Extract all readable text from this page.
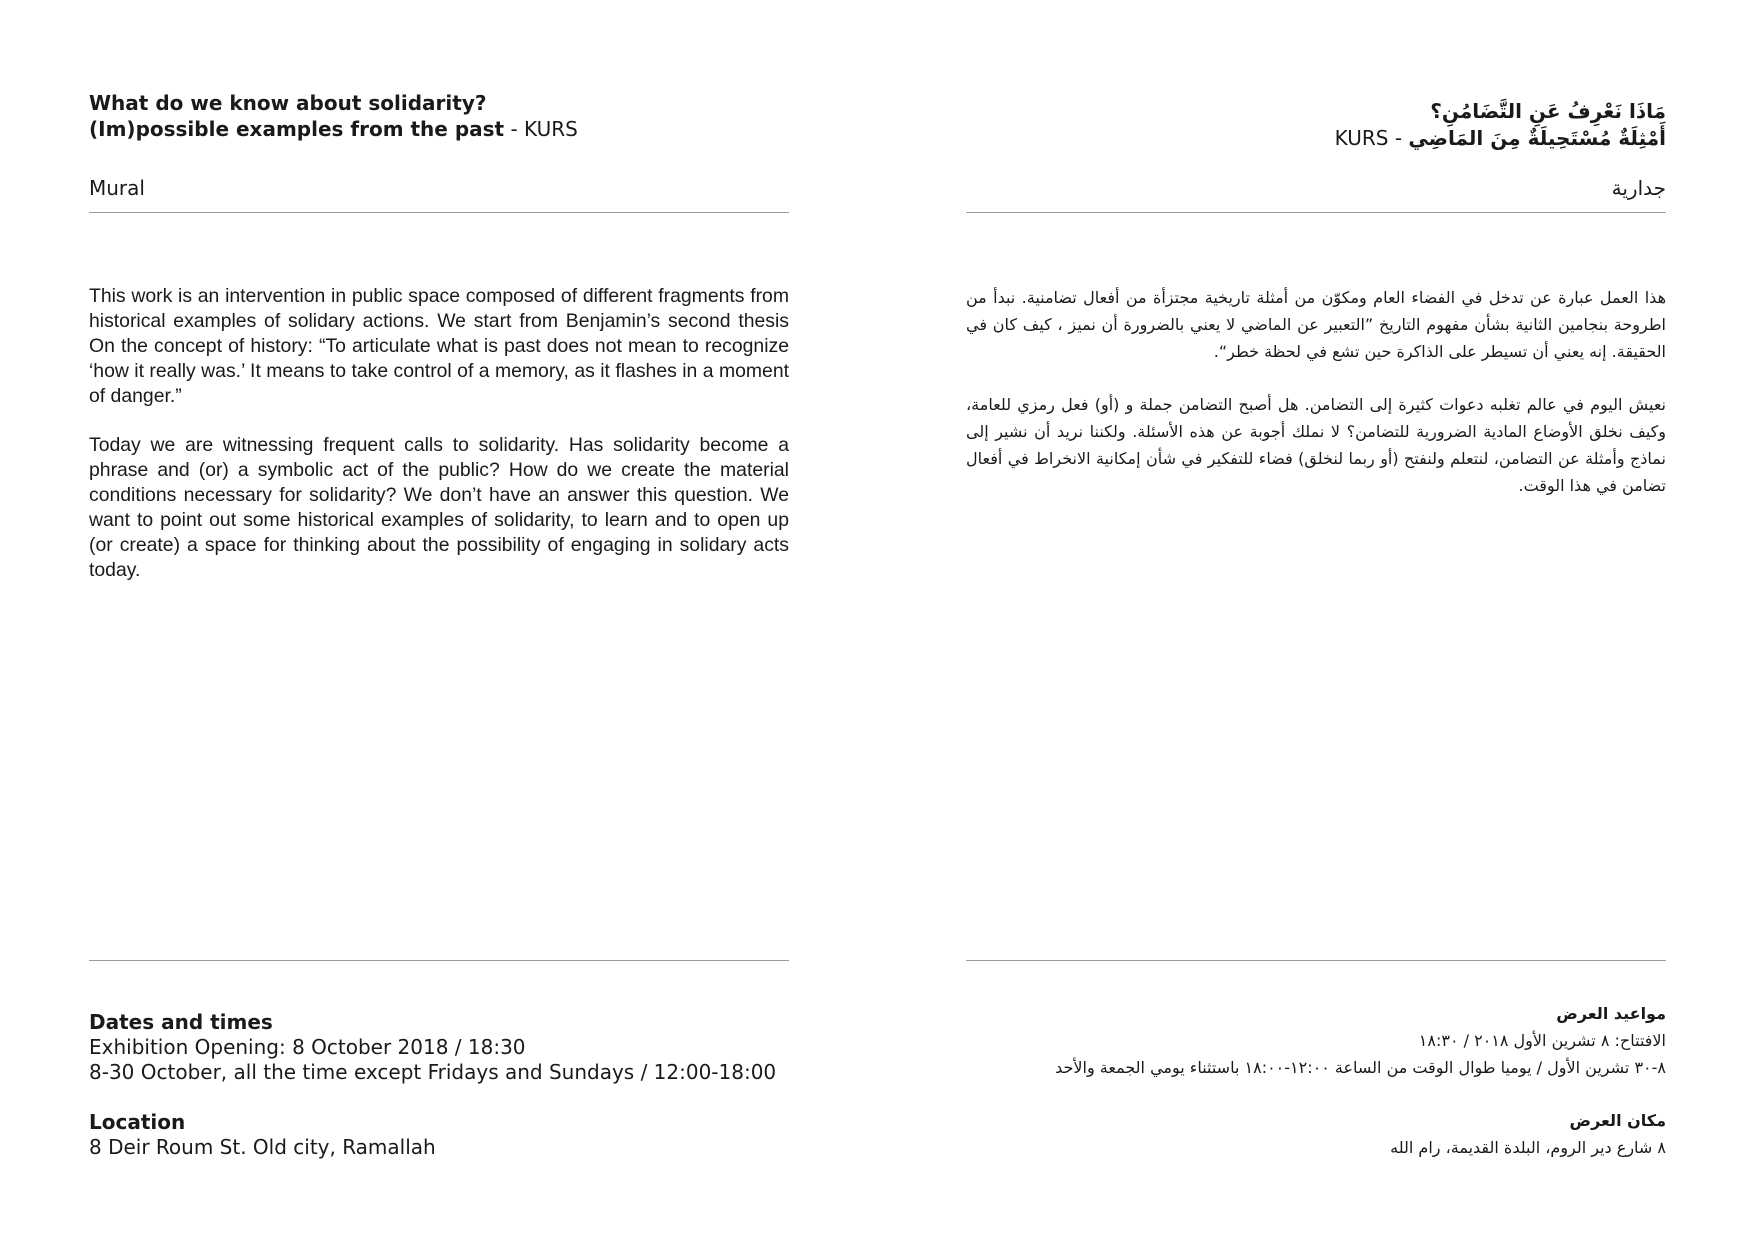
What do we know about solidarity?
(Im)possible examples from the past - KURS
Mural

This work is an intervention in public space composed of different fragments from historical examples of solidary actions. We start from Benjamin’s second thesis On the concept of history: “To articulate what is past does not mean to recognize ‘how it really was.’ It means to take control of a memory, as it flashes in a moment of danger.”

Today we are witnessing frequent calls to solidarity. Has solidarity become a phrase and (or) a symbolic act of the public? How do we create the material conditions necessary for solidarity? We don’t have an answer this question. We want to point out some historical examples of solidarity, to learn and to open up (or create) a space for thinking about the possibility of engaging in solidary acts today.

Dates and times
Exhibition Opening: 8 October 2018 / 18:30
8-30 October, all the time except Fridays and Sundays / 12:00-18:00
Location
8 Deir Roum St. Old city, Ramallah
مَاذَا نَعْرِفُ عَنِ التَّضَامُنِ؟
أَمْثِلَةٌ مُسْتَحِيلَةٌ مِنَ المَاضِي - KURS
جدارية

هذا العمل عبارة عن تدخل في الفضاء العام ومكوّن من أمثلة تاريخية مجتزأة من أفعال تضامنية. نبدأ من اطروحة بنجامين الثانية بشأن مفهوم التاريخ ”التعبير عن الماضي لا يعني بالضرورة أن نميز ، كيف كان في الحقيقة. إنه يعني أن تسيطر على الذاكرة حين تشع في لحظة خطر“.

نعيش اليوم في عالم تغلبه دعوات كثيرة إلى التضامن. هل أصبح التضامن جملة و (أو) فعل رمزي للعامة، وكيف نخلق الأوضاع المادية الضرورية للتضامن؟ لا نملك أجوبة عن هذه الأسئلة. ولكننا نريد أن نشير إلى نماذج وأمثلة عن التضامن، لنتعلم ولنفتح (أو ربما لنخلق) فضاء للتفكير في شأن إمكانية الانخراط في أفعال تضامن في هذا الوقت.

مواعيد العرض
الافتتاح: ٨ تشرين الأول ٢٠١٨ / ١٨:٣٠
٨-٣٠ تشرين الأول / يوميا طوال الوقت من الساعة ١٢:٠٠-١٨:٠٠ باستثناء يومي الجمعة والأحد
مكان العرض
٨ شارع دير الروم، البلدة القديمة، رام الله
